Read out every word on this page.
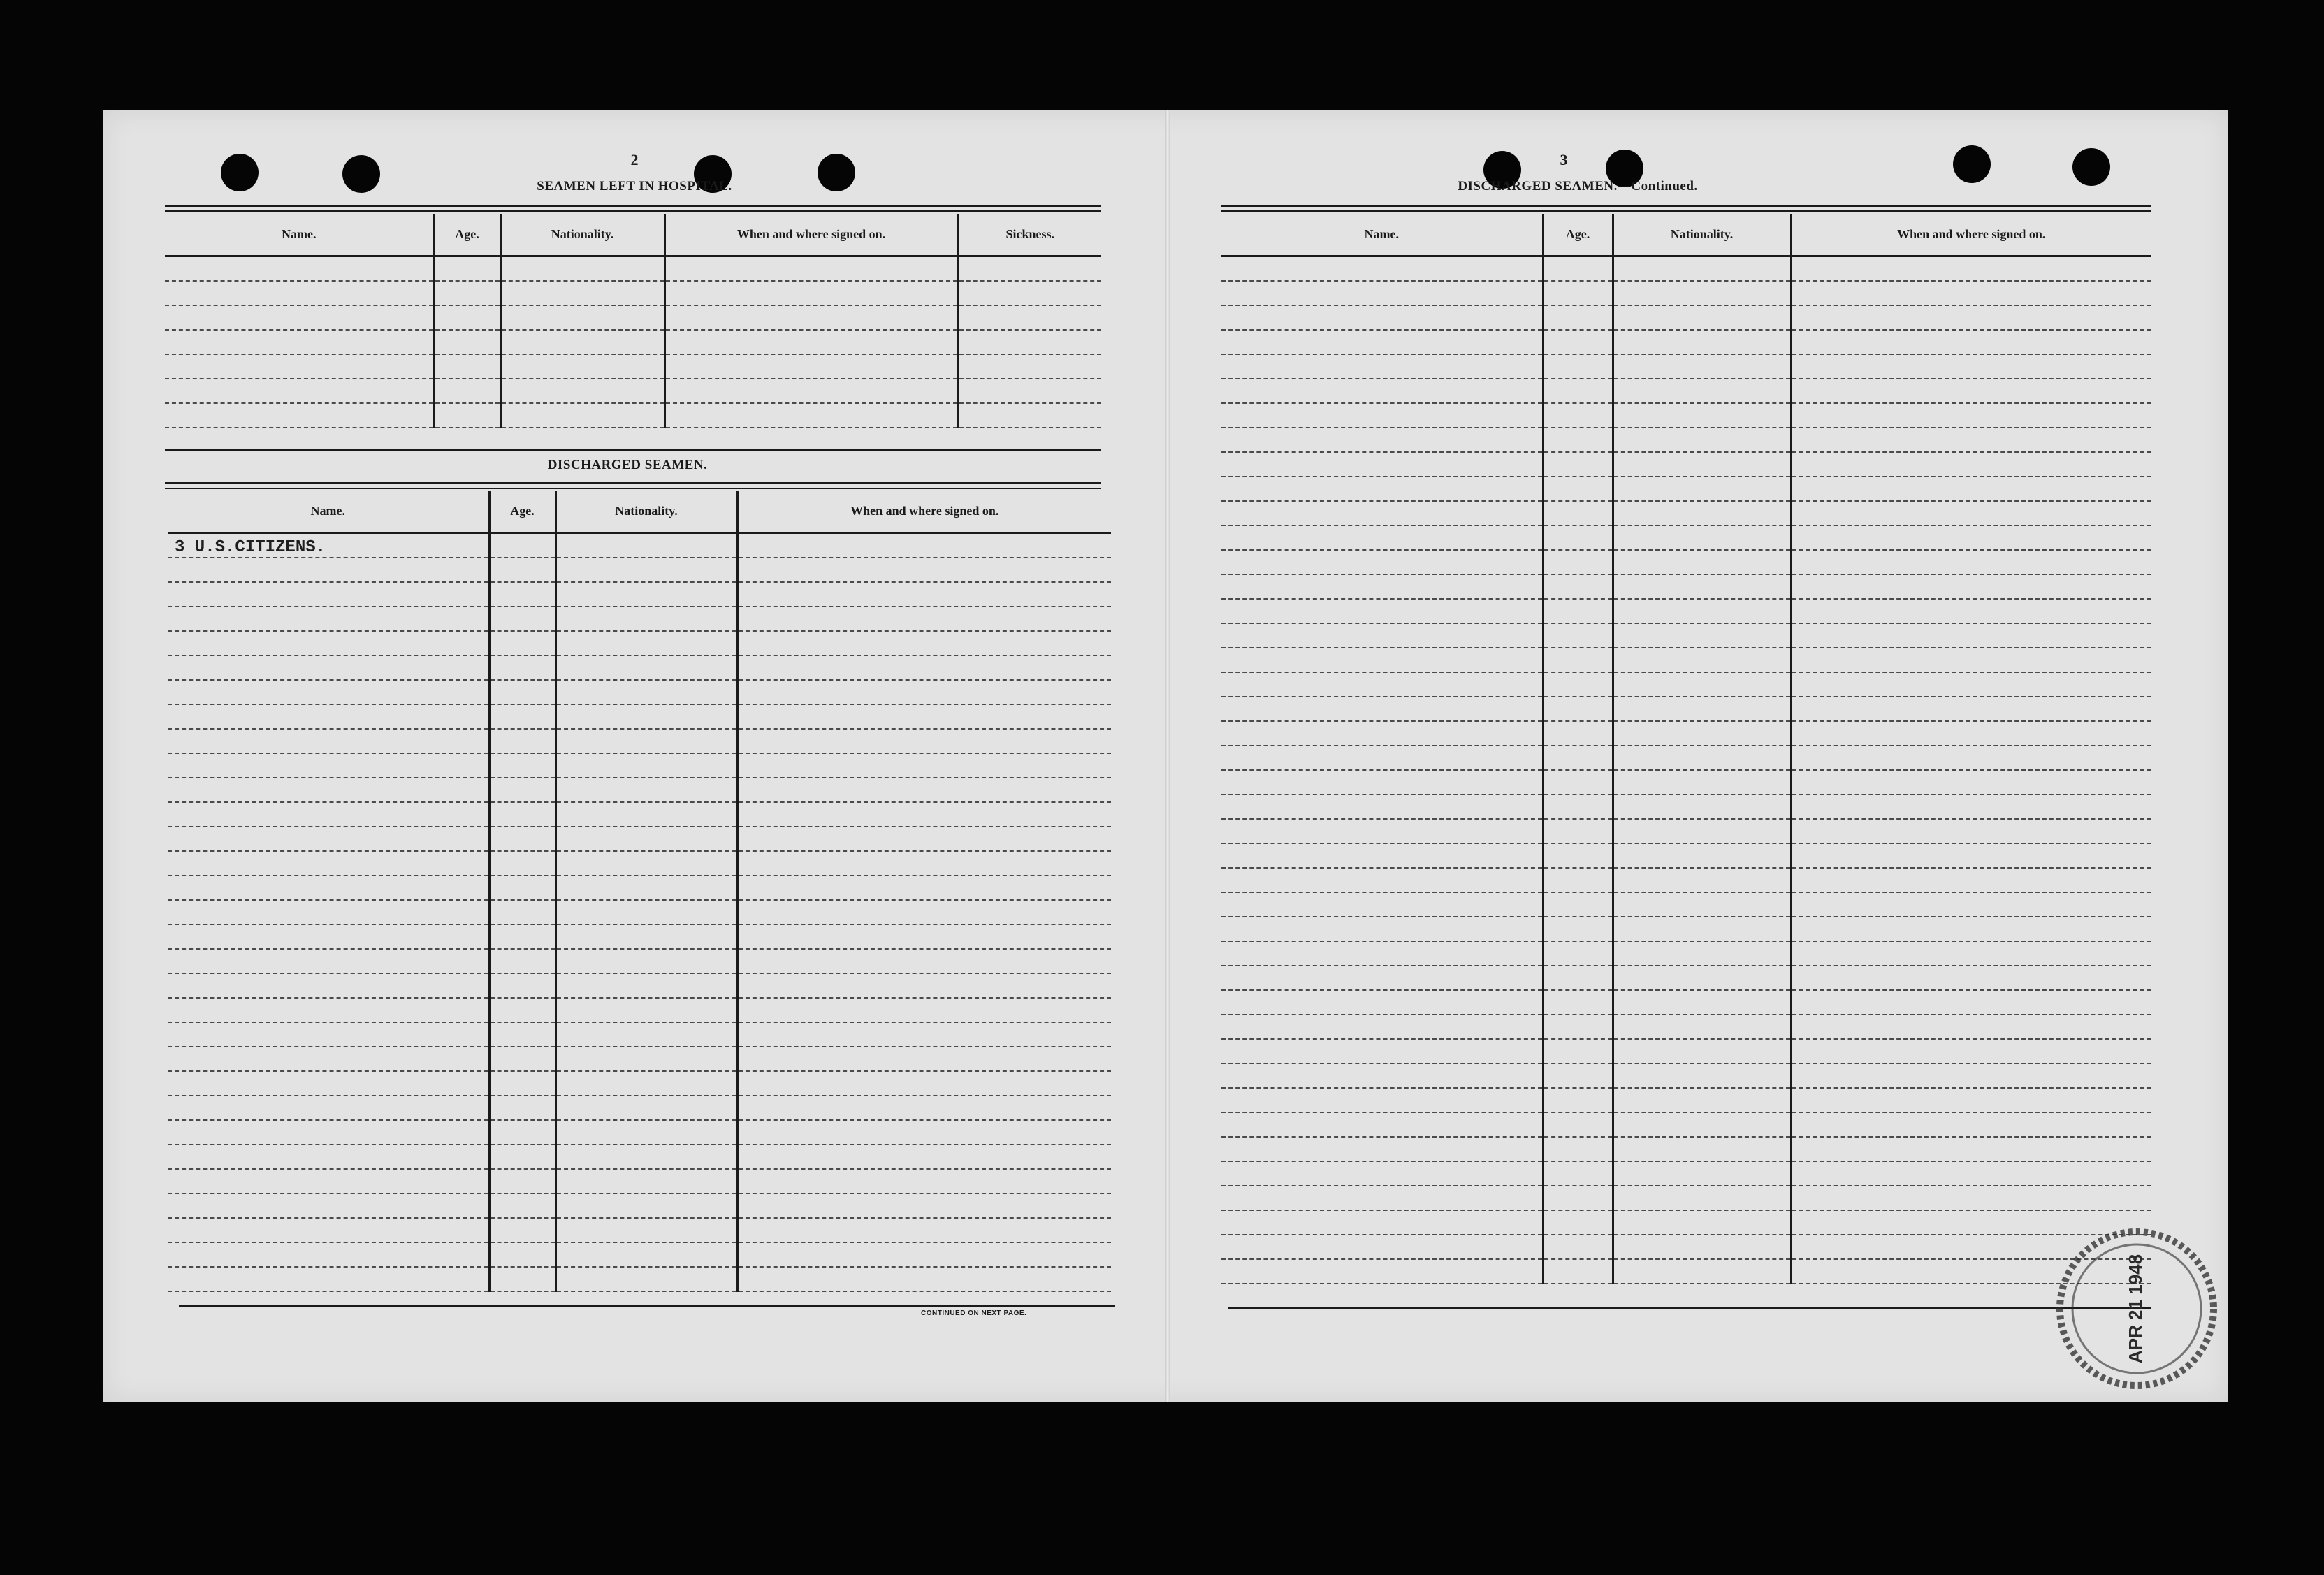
2
SEAMEN LEFT IN HOSPITAL.
Name.	Age.	Nationality.	When and where signed on.	Sickness.

DISCHARGED SEAMEN.
Name.	Age.	Nationality.	When and where signed on.
3 U.S.CITIZENS.			

CONTINUED ON NEXT PAGE.
3
DISCHARGED SEAMEN.—Continued.
Name.	Age.	Nationality.	When and where signed on.

APR 21 1948
